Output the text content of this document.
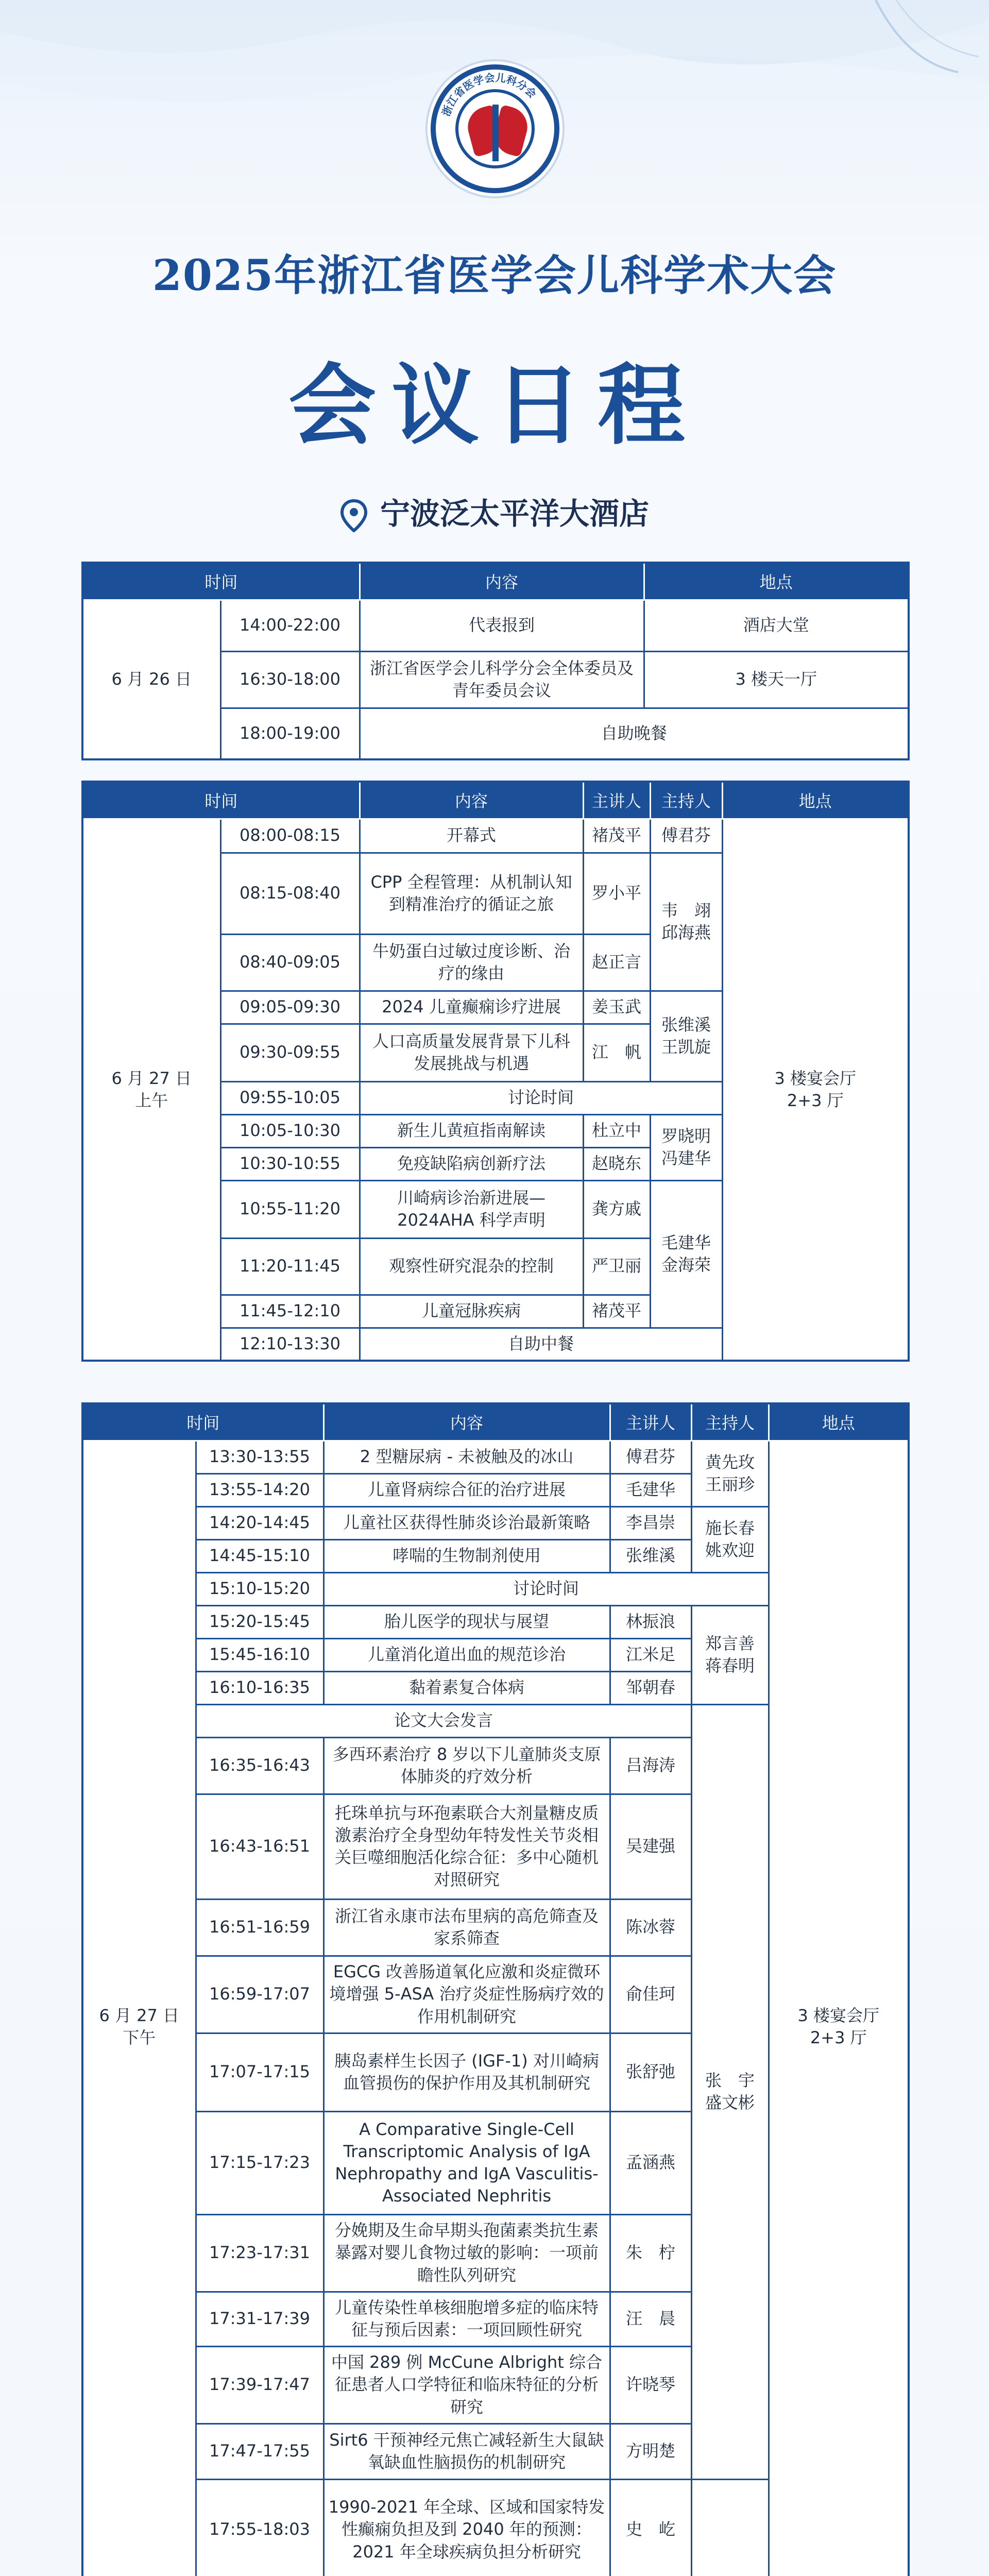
浙江省医学会儿科分会
2025年浙江省医学会儿科学术大会
会议日程
宁波泛太平洋大酒店
时间		内容	地点
6 月 26 日	14:00-22:00	代表报到	酒店大堂
	16:30-18:00	浙江省医学会儿科学分会全体委员及青年委员会议	3 楼天一厅
	18:00-19:00	自助晚餐	
时间		内容	主讲人	主持人	地点
6 月 27 日
上午	08:00-08:15	开幕式	褚茂平	傅君芬	3 楼宴会厅
2+3 厅
	08:15-08:40	CPP 全程管理：从机制认知到精准治疗的循证之旅	罗小平	韦　翊
邱海燕	
	08:40-09:05	牛奶蛋白过敏过度诊断、治疗的缘由	赵正言		
	09:05-09:30	2024 儿童癫痫诊疗进展	姜玉武	张维溪
王凯旋	
	09:30-09:55	人口高质量发展背景下儿科发展挑战与机遇	江　帆		
	09:55-10:05	讨论时间			
	10:05-10:30	新生儿黄疸指南解读	杜立中	罗晓明
冯建华	
	10:30-10:55	免疫缺陷病创新疗法	赵晓东		
	10:55-11:20	川崎病诊治新进展—2024AHA 科学声明	龚方戚	毛建华
金海荣	
	11:20-11:45	观察性研究混杂的控制	严卫丽		
	11:45-12:10	儿童冠脉疾病	褚茂平		
	12:10-13:30	自助中餐			
时间		内容	主讲人	主持人	地点
6 月 27 日
下午	13:30-13:55	2 型糖尿病 - 未被触及的冰山	傅君芬	黄先玫
王丽珍	3 楼宴会厅
2+3 厅
	13:55-14:20	儿童肾病综合征的治疗进展	毛建华		
	14:20-14:45	儿童社区获得性肺炎诊治最新策略	李昌崇	施长春
姚欢迎	
	14:45-15:10	哮喘的生物制剂使用	张维溪		
	15:10-15:20	讨论时间			
	15:20-15:45	胎儿医学的现状与展望	林振浪	郑言善
蒋春明	
	15:45-16:10	儿童消化道出血的规范诊治	江米足		
	16:10-16:35	黏着素复合体病	邹朝春		
	论文大会发言			张　宇
盛文彬	
	16:35-16:43	多西环素治疗 8 岁以下儿童肺炎支原体肺炎的疗效分析	吕海涛		
	16:43-16:51	托珠单抗与环孢素联合大剂量糖皮质激素治疗全身型幼年特发性关节炎相关巨噬细胞活化综合征：多中心随机对照研究	吴建强		
	16:51-16:59	浙江省永康市法布里病的高危筛查及家系筛查	陈冰蓉		
	16:59-17:07	EGCG 改善肠道氧化应激和炎症微环境增强 5-ASA 治疗炎症性肠病疗效的作用机制研究	俞佳珂		
	17:07-17:15	胰岛素样生长因子 (IGF-1) 对川崎病血管损伤的保护作用及其机制研究	张舒弛		
	17:15-17:23	A Comparative Single-Cell Transcriptomic Analysis of IgA Nephropathy and IgA Vasculitis-Associated Nephritis	孟涵燕		
	17:23-17:31	分娩期及生命早期头孢菌素类抗生素暴露对婴儿食物过敏的影响：一项前瞻性队列研究	朱　柠		
	17:31-17:39	儿童传染性单核细胞增多症的临床特征与预后因素：一项回顾性研究	汪　晨		
	17:39-17:47	中国 289 例 McCune Albright 综合征患者人口学特征和临床特征的分析研究	许晓琴		
	17:47-17:55	Sirt6 干预神经元焦亡减轻新生大鼠缺氧缺血性脑损伤的机制研究	方明楚		
	17:55-18:03	1990-2021 年全球、区域和国家特发性癫痫负担及到 2040 年的预测：2021 年全球疾病负担分析研究	史　屹		
